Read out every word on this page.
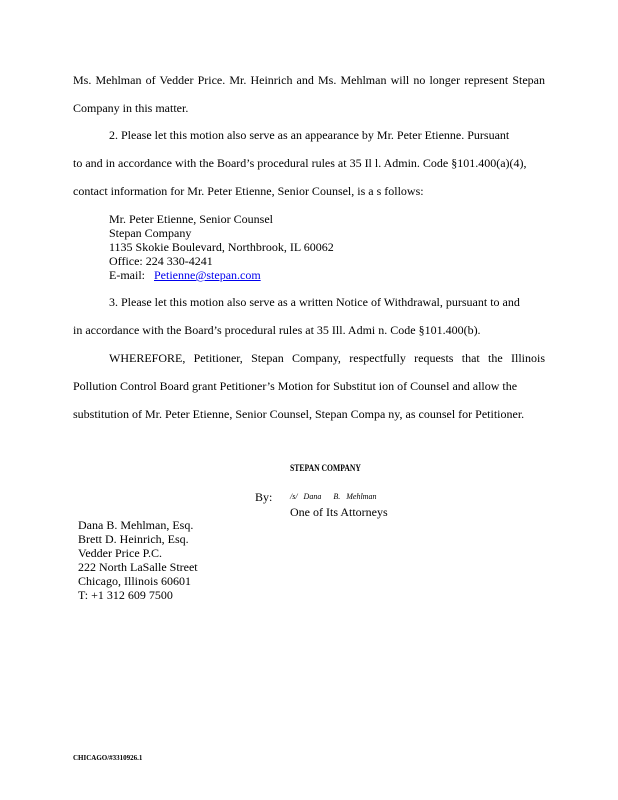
Ms. Mehlman of Vedder Price. Mr. Heinrich and Ms. Mehlman will no longer represent Stepan
Company in this matter.
2. Please let this motion also serve as an appearance by Mr. Peter Etienne. Pursuant
to and in accordance with the Board’s procedural rules at 35 Il l. Admin. Code §101.400(a)(4),
contact information for Mr. Peter Etienne, Senior Counsel, is a s follows:
Mr. Peter Etienne, Senior Counsel
Stepan Company
1135 Skokie Boulevard, Northbrook, IL 60062
Office: 224 330-4241
E-mail: Petienne@stepan.com
3. Please let this motion also serve as a written Notice of Withdrawal, pursuant to and
in accordance with the Board’s procedural rules at 35 Ill. Admi n. Code §101.400(b).
WHEREFORE, Petitioner, Stepan Company, respectfully requests that the Illinois
Pollution Control Board grant Petitioner’s Motion for Substitut ion of Counsel and allow the
substitution of Mr. Peter Etienne, Senior Counsel, Stepan Compa ny, as counsel for Petitioner.
STEPAN COMPANY
By: /s/   Dana      B.   Mehlman
One of Its Attorneys
Dana B. Mehlman, Esq.
Brett D. Heinrich, Esq.
Vedder Price P.C.
222 North LaSalle Street
Chicago, Illinois 60601
T: +1 312 609 7500
CHICAGO/#3310926.1
